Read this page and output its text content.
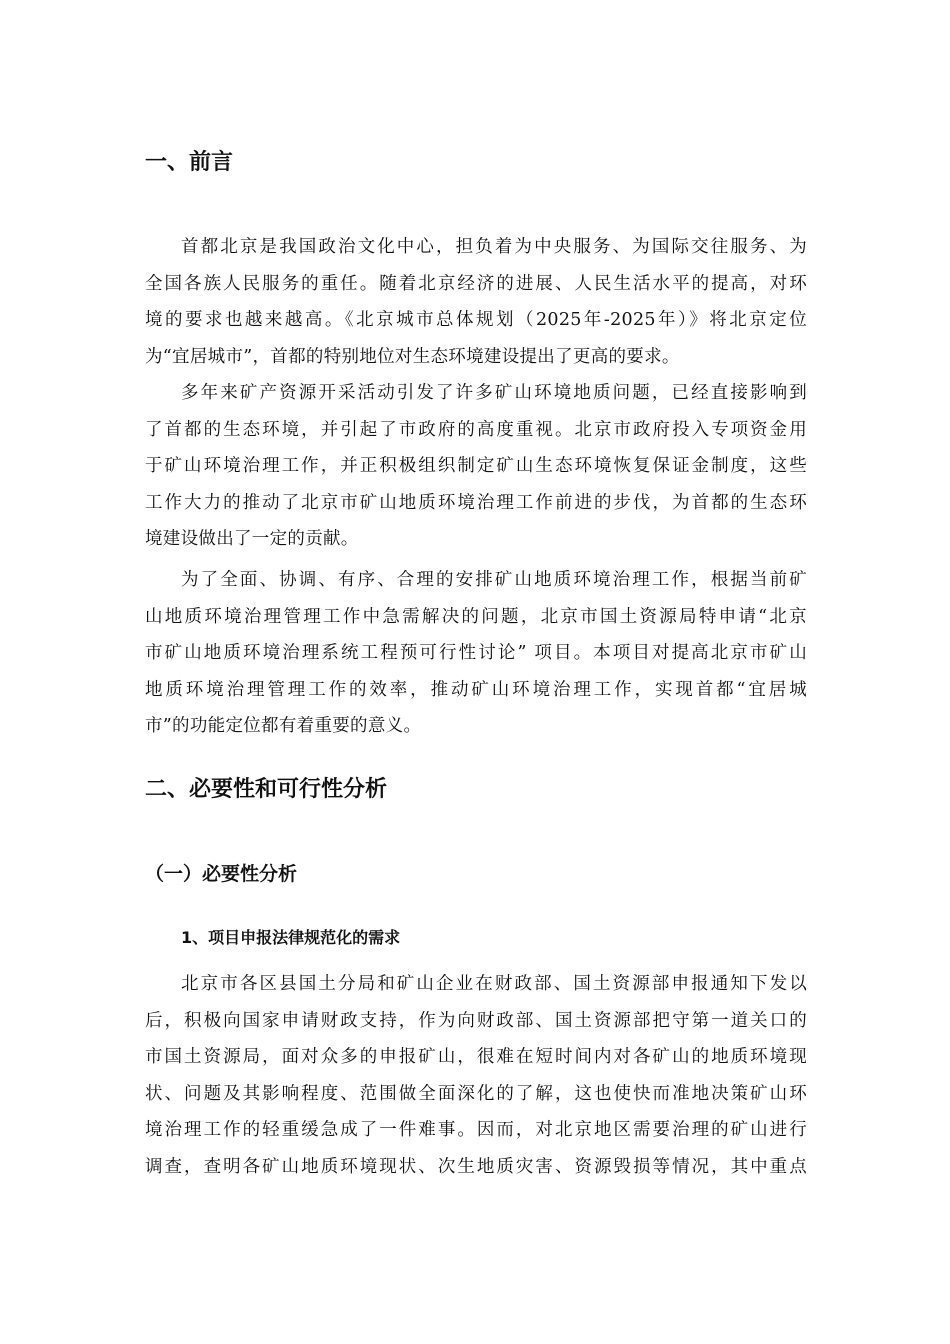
一、前言
首都北京是我国政治文化中心，担负着为中央服务、为国际交往服务、为
全国各族人民服务的重任。随着北京经济的进展、人民生活水平的提高，对环
境的要求也越来越高。《北京城市总体规划（2025年-2025年）》将北京定位
为“宜居城市”，首都的特别地位对生态环境建设提出了更高的要求。
多年来矿产资源开采活动引发了许多矿山环境地质问题，已经直接影响到
了首都的生态环境，并引起了市政府的高度重视。北京市政府投入专项资金用
于矿山环境治理工作，并正积极组织制定矿山生态环境恢复保证金制度，这些
工作大力的推动了北京市矿山地质环境治理工作前进的步伐，为首都的生态环
境建设做出了一定的贡献。
为了全面、协调、有序、合理的安排矿山地质环境治理工作，根据当前矿
山地质环境治理管理工作中急需解决的问题，北京市国土资源局特申请“北京
市矿山地质环境治理系统工程预可行性讨论” 项目。本项目对提高北京市矿山
地质环境治理管理工作的效率，推动矿山环境治理工作，实现首都“宜居城
市”的功能定位都有着重要的意义。
二、必要性和可行性分析
（一）必要性分析
1、项目申报法律规范化的需求
北京市各区县国土分局和矿山企业在财政部、国土资源部申报通知下发以
后，积极向国家申请财政支持，作为向财政部、国土资源部把守第一道关口的
市国土资源局，面对众多的申报矿山，很难在短时间内对各矿山的地质环境现
状、问题及其影响程度、范围做全面深化的了解，这也使快而准地决策矿山环
境治理工作的轻重缓急成了一件难事。因而，对北京地区需要治理的矿山进行
调查，查明各矿山地质环境现状、次生地质灾害、资源毁损等情况，其中重点
